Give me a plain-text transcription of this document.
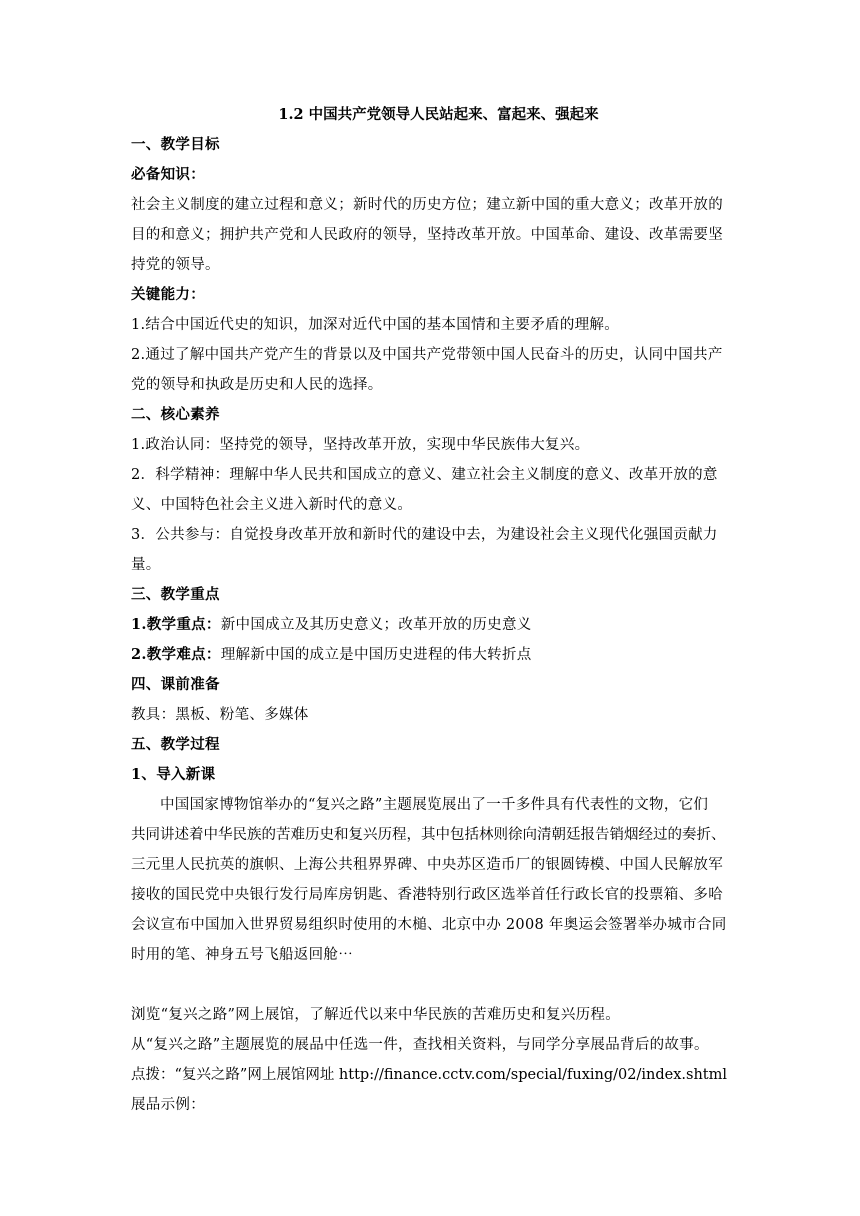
1.2 中国共产党领导人民站起来、富起来、强起来

一、教学目标

必备知识：

社会主义制度的建立过程和意义；新时代的历史方位；建立新中国的重大意义；改革开放的

目的和意义；拥护共产党和人民政府的领导，坚持改革开放。中国革命、建设、改革需要坚

持党的领导。

关键能力：

1.结合中国近代史的知识，加深对近代中国的基本国情和主要矛盾的理解。

2.通过了解中国共产党产生的背景以及中国共产党带领中国人民奋斗的历史，认同中国共产

党的领导和执政是历史和人民的选择。

二、核心素养

1.政治认同：坚持党的领导，坚持改革开放，实现中华民族伟大复兴。

2．科学精神：理解中华人民共和国成立的意义、建立社会主义制度的意义、改革开放的意

义、中国特色社会主义进入新时代的意义。

3．公共参与：自觉投身改革开放和新时代的建设中去，为建设社会主义现代化强国贡献力

量。

三、教学重点

1.教学重点：新中国成立及其历史意义；改革开放的历史意义

2.教学难点：理解新中国的成立是中国历史进程的伟大转折点

四、课前准备

教具：黑板、粉笔、多媒体

五、教学过程

1、导入新课

中国国家博物馆举办的“复兴之路”主题展览展出了一千多件具有代表性的文物，它们

共同讲述着中华民族的苦难历史和复兴历程，其中包括林则徐向清朝廷报告销烟经过的奏折、

三元里人民抗英的旗帜、上海公共租界界碑、中央苏区造币厂的银圆铸模、中国人民解放军

接收的国民党中央银行发行局库房钥匙、香港特别行政区选举首任行政长官的投票箱、多哈

会议宣布中国加入世界贸易组织时使用的木槌、北京中办 2008 年奥运会签署举办城市合同

时用的笔、神身五号飞船返回舱⋯

浏览“复兴之路”网上展馆，了解近代以来中华民族的苦难历史和复兴历程。

从“复兴之路”主题展览的展品中任选一件，查找相关资料，与同学分享展品背后的故事。

点拨：“复兴之路”网上展馆网址 http://finance.cctv.com/special/fuxing/02/index.shtml

展品示例：
